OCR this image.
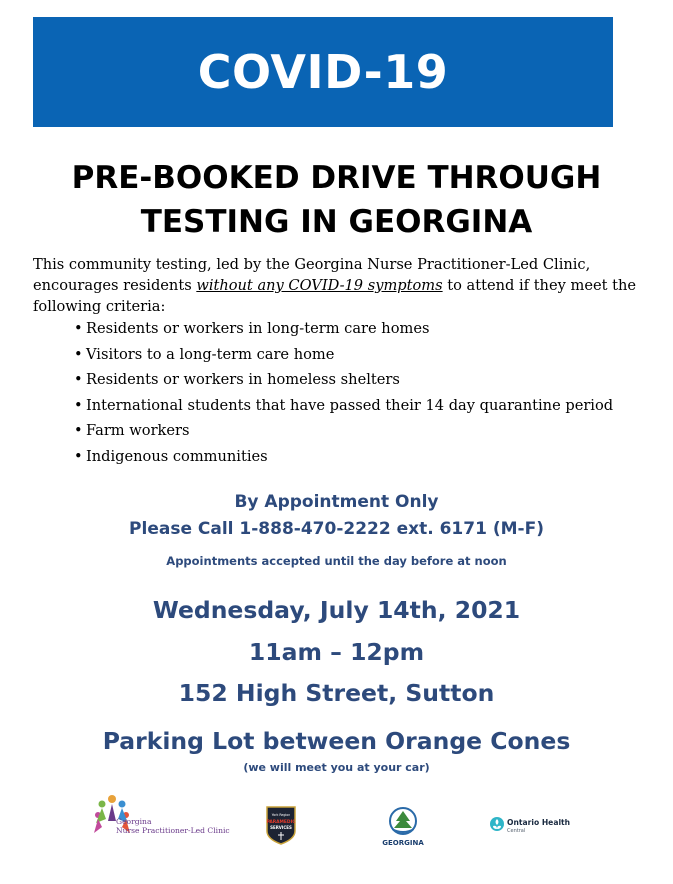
COVID-19
PRE-BOOKED DRIVE THROUGH
TESTING IN GEORGINA
This community testing, led by the Georgina Nurse Practitioner-Led Clinic, encourages residents without any COVID-19 symptoms to attend if they meet the following criteria:
• Residents or workers in long-term care homes
• Visitors to a long-term care home
• Residents or workers in homeless shelters
• International students that have passed their 14 day quarantine period
• Farm workers
• Indigenous communities
By Appointment Only
Please Call 1-888-470-2222 ext. 6171 (M-F)
Appointments accepted until the day before at noon
Wednesday, July 14th, 2021
11am – 12pm
152 High Street, Sutton
Parking Lot between Orange Cones
(we will meet you at your car)
Georgina
Nurse Practitioner-Led Clinic
York Region
PARAMEDIC
SERVICES
GEORGINA
Ontario Health
Central
